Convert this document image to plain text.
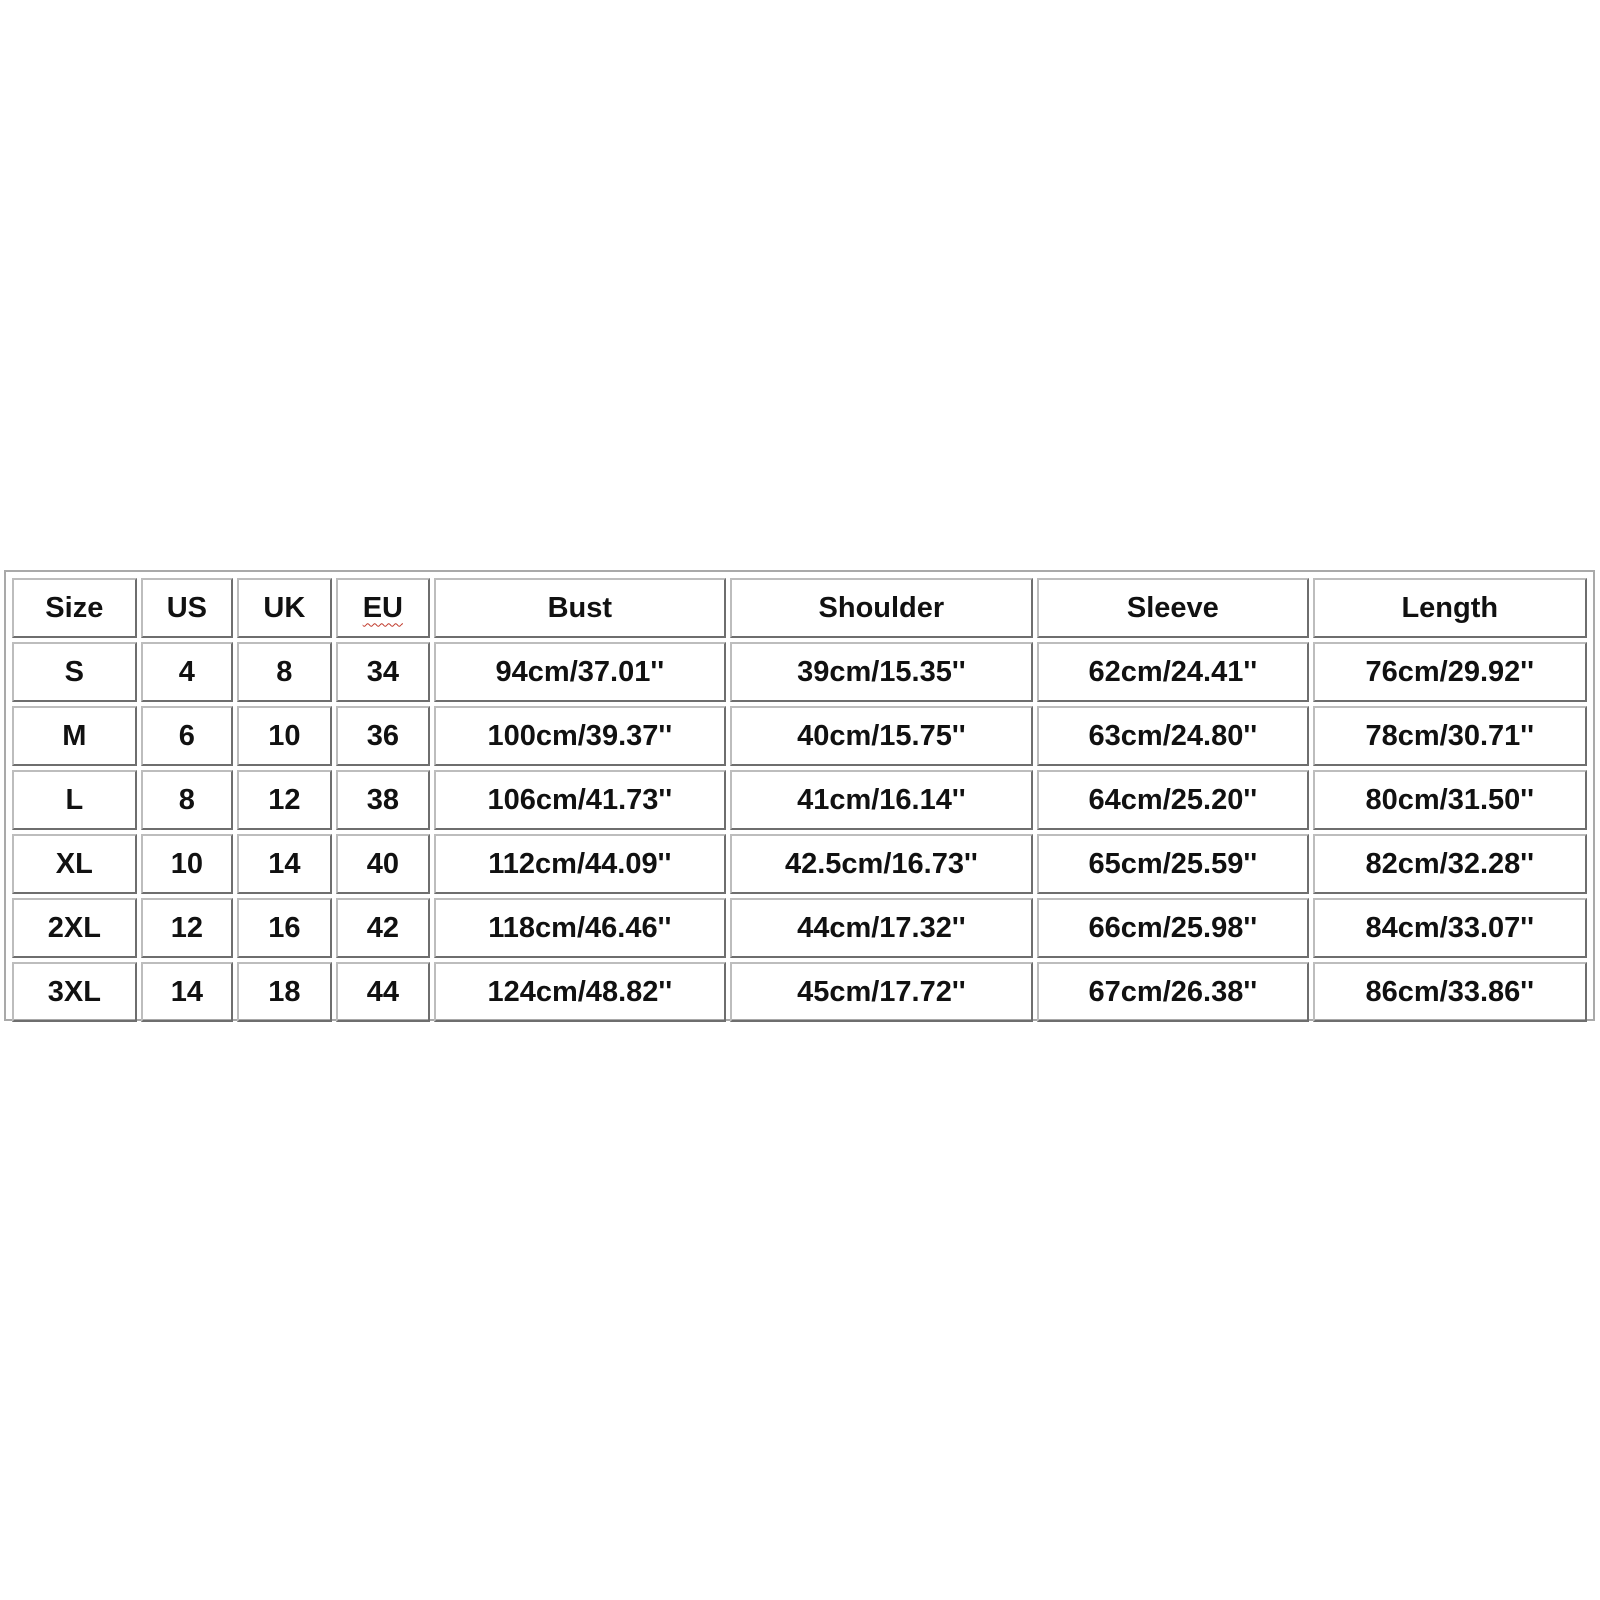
Size	US	UK	EU	Bust	Shoulder	Sleeve	Length
S	4	8	34	94cm/37.01''	39cm/15.35''	62cm/24.41''	76cm/29.92''
M	6	10	36	100cm/39.37''	40cm/15.75''	63cm/24.80''	78cm/30.71''
L	8	12	38	106cm/41.73''	41cm/16.14''	64cm/25.20''	80cm/31.50''
XL	10	14	40	112cm/44.09''	42.5cm/16.73''	65cm/25.59''	82cm/32.28''
2XL	12	16	42	118cm/46.46''	44cm/17.32''	66cm/25.98''	84cm/33.07''
3XL	14	18	44	124cm/48.82''	45cm/17.72''	67cm/26.38''	86cm/33.86''
